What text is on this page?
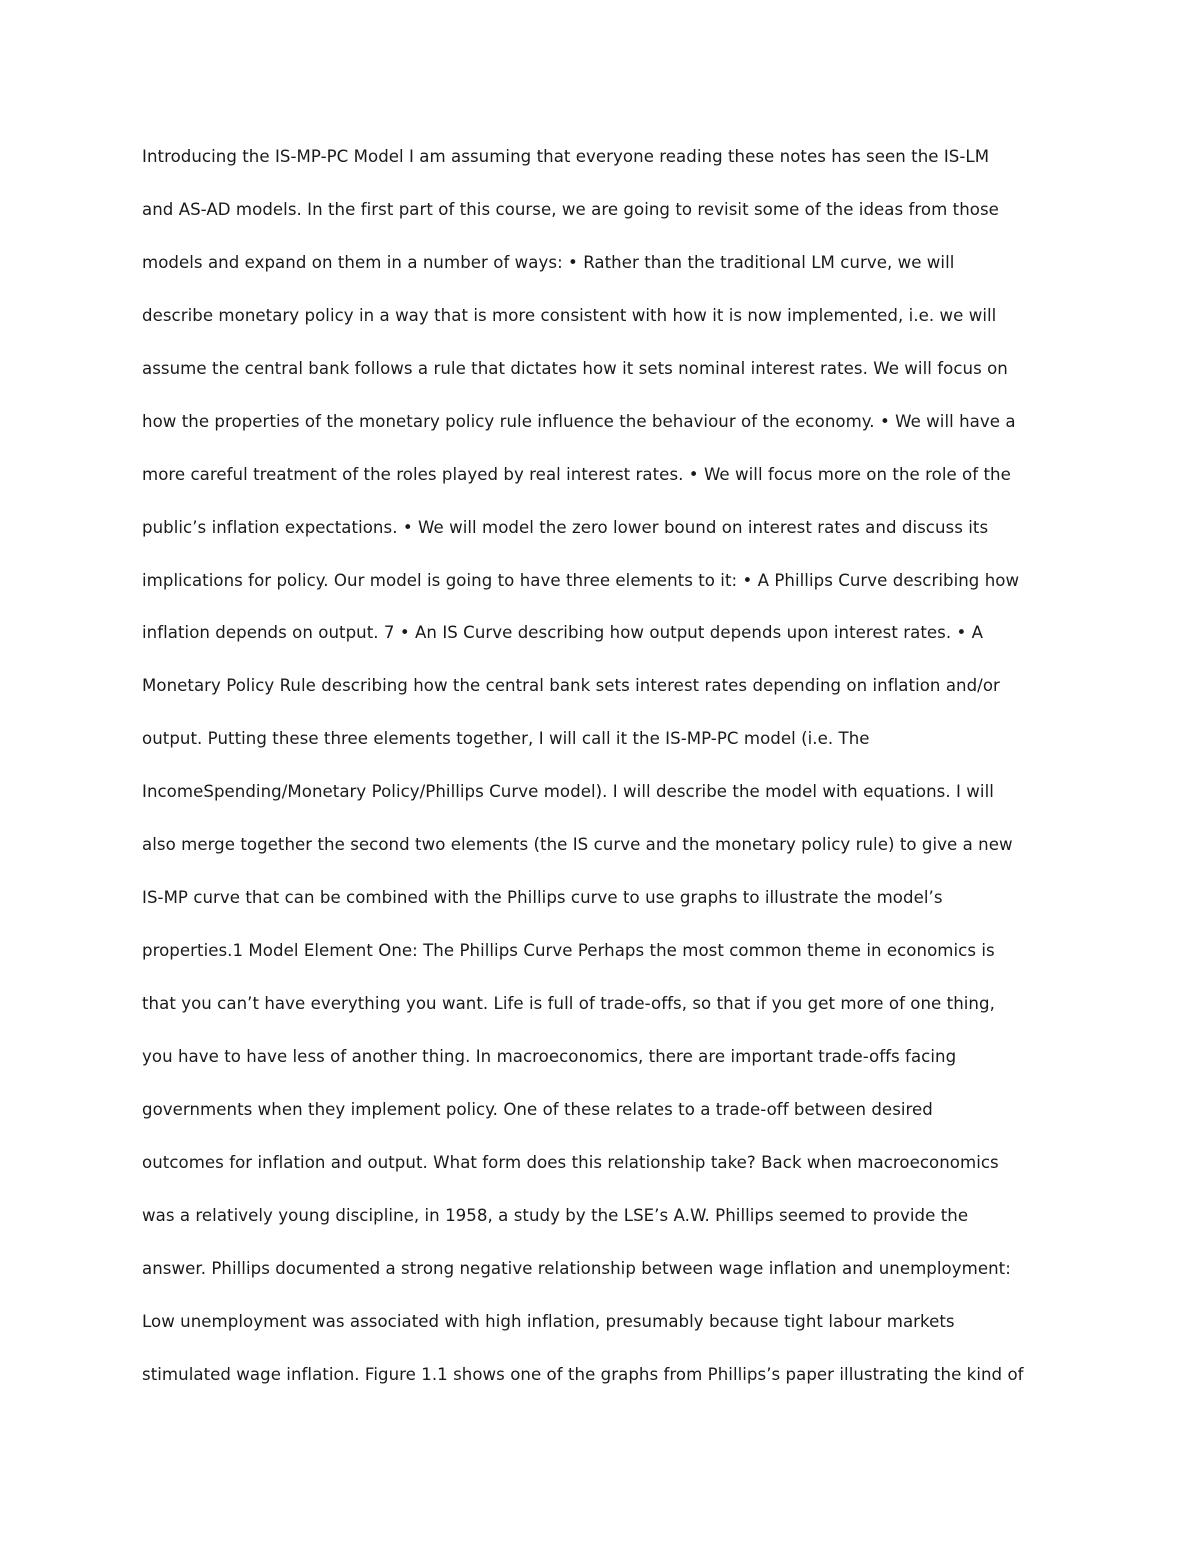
Introducing the IS-MP-PC Model I am assuming that everyone reading these notes has seen the IS-LM
and AS-AD models. In the first part of this course, we are going to revisit some of the ideas from those
models and expand on them in a number of ways: • Rather than the traditional LM curve, we will
describe monetary policy in a way that is more consistent with how it is now implemented, i.e. we will
assume the central bank follows a rule that dictates how it sets nominal interest rates. We will focus on
how the properties of the monetary policy rule influence the behaviour of the economy. • We will have a
more careful treatment of the roles played by real interest rates. • We will focus more on the role of the
public’s inflation expectations. • We will model the zero lower bound on interest rates and discuss its
implications for policy. Our model is going to have three elements to it: • A Phillips Curve describing how
inflation depends on output. 7 • An IS Curve describing how output depends upon interest rates. • A
Monetary Policy Rule describing how the central bank sets interest rates depending on inflation and/or
output. Putting these three elements together, I will call it the IS-MP-PC model (i.e. The
IncomeSpending/Monetary Policy/Phillips Curve model). I will describe the model with equations. I will
also merge together the second two elements (the IS curve and the monetary policy rule) to give a new
IS-MP curve that can be combined with the Phillips curve to use graphs to illustrate the model’s
properties.1 Model Element One: The Phillips Curve Perhaps the most common theme in economics is
that you can’t have everything you want. Life is full of trade-offs, so that if you get more of one thing,
you have to have less of another thing. In macroeconomics, there are important trade-offs facing
governments when they implement policy. One of these relates to a trade-off between desired
outcomes for inflation and output. What form does this relationship take? Back when macroeconomics
was a relatively young discipline, in 1958, a study by the LSE’s A.W. Phillips seemed to provide the
answer. Phillips documented a strong negative relationship between wage inflation and unemployment:
Low unemployment was associated with high inflation, presumably because tight labour markets
stimulated wage inflation. Figure 1.1 shows one of the graphs from Phillips’s paper illustrating the kind of
